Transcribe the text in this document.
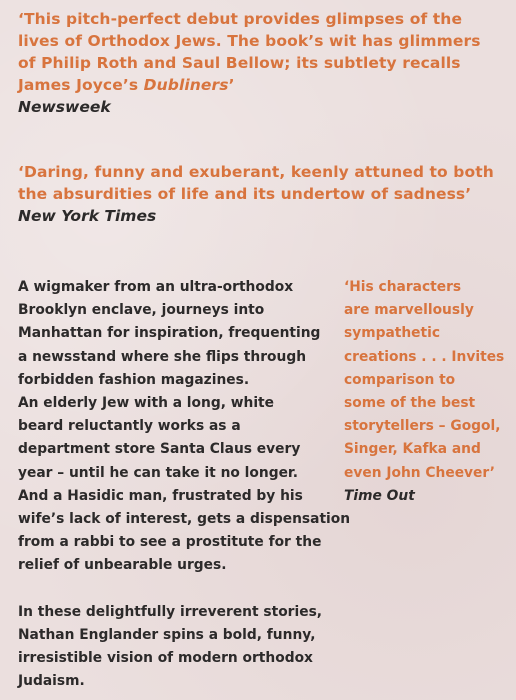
‘This pitch-perfect debut provides glimpses of the
lives of Orthodox Jews. The book’s wit has glimmers
of Philip Roth and Saul Bellow; its subtlety recalls
James Joyce’s Dubliners’
Newsweek
‘Daring, funny and exuberant, keenly attuned to both
the absurdities of life and its undertow of sadness’
New York Times

A wigmaker from an ultra-orthodox
Brooklyn enclave, journeys into
Manhattan for inspiration, frequenting
a newsstand where she flips through
forbidden fashion magazines.
An elderly Jew with a long, white
beard reluctantly works as a
department store Santa Claus every
year – until he can take it no longer.
And a Hasidic man, frustrated by his
wife’s lack of interest, gets a dispensation
from a rabbi to see a prostitute for the
relief of unbearable urges.

In these delightfully irreverent stories,
Nathan Englander spins a bold, funny,
irresistible vision of modern orthodox
Judaism.

‘His characters
are marvellously
sympathetic
creations . . . Invites
comparison to
some of the best
storytellers – Gogol,
Singer, Kafka and
even John Cheever’
Time Out
